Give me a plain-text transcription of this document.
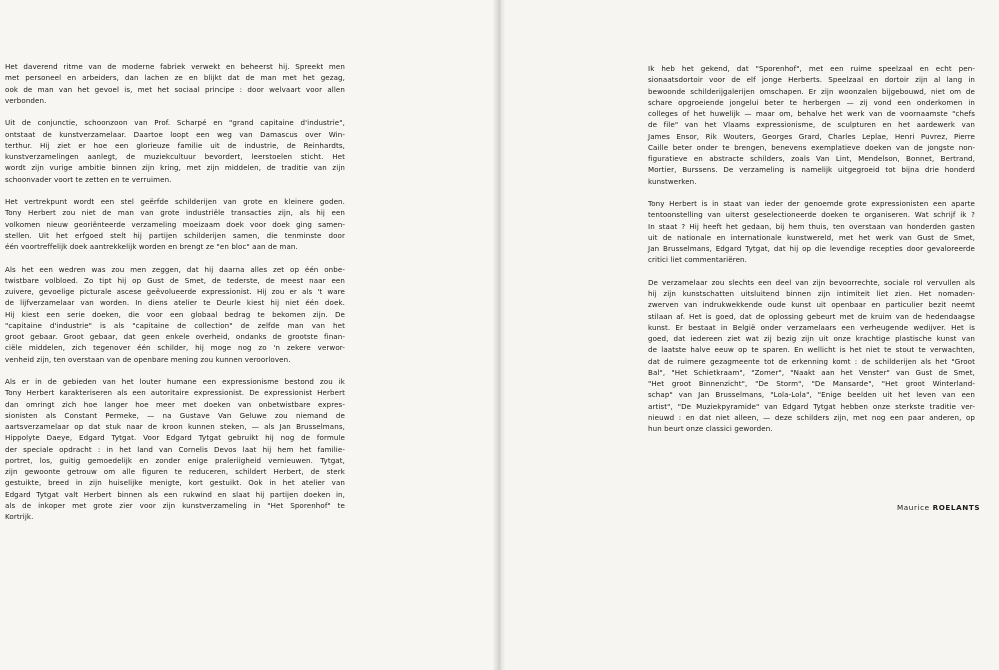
Het daverend ritme van de moderne fabriek verwekt en beheerst hij. Spreekt men
met personeel en arbeiders, dan lachen ze en blijkt dat de man met het gezag,
ook de man van het gevoel is, met het sociaal principe : door welvaart voor allen
verbonden.
Uit de conjunctie, schoonzoon van Prof. Scharpé en "grand capitaine d'industrie",
ontstaat de kunstverzamelaar. Daartoe loopt een weg van Damascus over Win-
terthur. Hij ziet er hoe een glorieuze familie uit de industrie, de Reinhardts,
kunstverzamelingen aanlegt, de muziekcultuur bevordert, leerstoelen sticht. Het
wordt zijn vurige ambitie binnen zijn kring, met zijn middelen, de traditie van zijn
schoonvader voort te zetten en te verruimen.
Het vertrekpunt wordt een stel geërfde schilderijen van grote en kleinere goden.
Tony Herbert zou niet de man van grote industriële transacties zijn, als hij een
volkomen nieuw georiënteerde verzameling moeizaam doek voor doek ging samen-
stellen. Uit het erfgoed stelt hij partijen schilderijen samen, die tenminste door
één voortreffelijk doek aantrekkelijk worden en brengt ze "en bloc" aan de man.
Als het een wedren was zou men zeggen, dat hij daarna alles zet op één onbe-
twistbare volbloed. Zo tipt hij op Gust de Smet, de tederste, de meest naar een
zuivere, gevoelige picturale ascese geëvolueerde expressionist. Hij zou er als 't ware
de lijfverzamelaar van worden. In diens atelier te Deurle kiest hij niet één doek.
Hij kiest een serie doeken, die voor een globaal bedrag te bekomen zijn. De
"capitaine d'industrie" is als "capitaine de collection" de zelfde man van het
groot gebaar. Groot gebaar, dat geen enkele overheid, ondanks de grootste finan-
ciële middelen, zich tegenover één schilder, hij moge nog zo 'n zekere verwor-
venheid zijn, ten overstaan van de openbare mening zou kunnen veroorloven.
Als er in de gebieden van het louter humane een expressionisme bestond zou ik
Tony Herbert karakteriseren als een autoritaire expressionist. De expressionist Herbert
dan omringt zich hoe langer hoe meer met doeken van onbetwistbare expres-
sionisten als Constant Permeke, — na Gustave Van Geluwe zou niemand de
aartsverzamelaar op dat stuk naar de kroon kunnen steken, — als Jan Brusselmans,
Hippolyte Daeye, Edgard Tytgat. Voor Edgard Tytgat gebruikt hij nog de formule
der speciale opdracht : in het land van Cornelis Devos laat hij hem het familie-
portret, los, guitig gemoedelijk en zonder enige praleriigheid vernieuwen. Tytgat,
zijn gewoonte getrouw om alle figuren te reduceren, schildert Herbert, de sterk
gestuikte, breed in zijn huiselijke menigte, kort gestuikt. Ook in het atelier van
Edgard Tytgat valt Herbert binnen als een rukwind en slaat hij partijen doeken in,
als de inkoper met grote zier voor zijn kunstverzameling in "Het Sporenhof" te
Kortrijk.
Ik heb het gekend, dat "Sporenhof", met een ruime speelzaal en echt pen-
sionaatsdortoir voor de elf jonge Herberts. Speelzaal en dortoir zijn al lang in
bewoonde schilderijgalerijen omschapen. Er zijn woonzalen bijgebouwd, niet om de
schare opgroeiende jongelui beter te herbergen — zij vond een onderkomen in
colleges of het huwelijk — maar om, behalve het werk van de voornaamste "chefs
de file" van het Vlaams expressionisme, de sculpturen en het aardewerk van
James Ensor, Rik Wouters, Georges Grard, Charles Leplae, Henri Puvrez, Pierre
Caille beter onder te brengen, benevens exemplatieve doeken van de jongste non-
figuratieve en abstracte schilders, zoals Van Lint, Mendelson, Bonnet, Bertrand,
Mortier, Burssens. De verzameling is namelijk uitgegroeid tot bijna drie honderd
kunstwerken.
Tony Herbert is in staat van ieder der genoemde grote expressionisten een aparte
tentoonstelling van uiterst geselectioneerde doeken te organiseren. Wat schrijf ik ?
In staat ? Hij heeft het gedaan, bij hem thuis, ten overstaan van honderden gasten
uit de nationale en internationale kunstwereld, met het werk van Gust de Smet,
Jan Brusselmans, Edgard Tytgat, dat hij op die levendige recepties door gevaloreerde
critici liet commentariëren.
De verzamelaar zou slechts een deel van zijn bevoorrechte, sociale rol vervullen als
hij zijn kunstschatten uitsluitend binnen zijn intimiteit liet zien. Het nomaden-
zwerven van indrukwekkende oude kunst uit openbaar en particulier bezit neemt
stilaan af. Het is goed, dat de oplossing gebeurt met de kruim van de hedendaagse
kunst. Er bestaat in België onder verzamelaars een verheugende wedijver. Het is
goed, dat iedereen ziet wat zij bezig zijn uit onze krachtige plastische kunst van
de laatste halve eeuw op te sparen. En wellicht is het niet te stout te verwachten,
dat de ruimere gezagmeente tot de erkenning komt : de schilderijen als het "Groot
Bal", "Het Schietkraam", "Zomer", "Naakt aan het Venster" van Gust de Smet,
"Het groot Binnenzicht", "De Storm", "De Mansarde", "Het groot Winterland-
schap" van Jan Brusselmans, "Lola-Lola", "Enige beelden uit het leven van een
artist", "De Muziekpyramide" van Edgard Tytgat hebben onze sterkste traditie ver-
nieuwd : en dat niet alleen, — deze schilders zijn, met nog een paar anderen, op
hun beurt onze classici geworden.
Maurice ROELANTS
